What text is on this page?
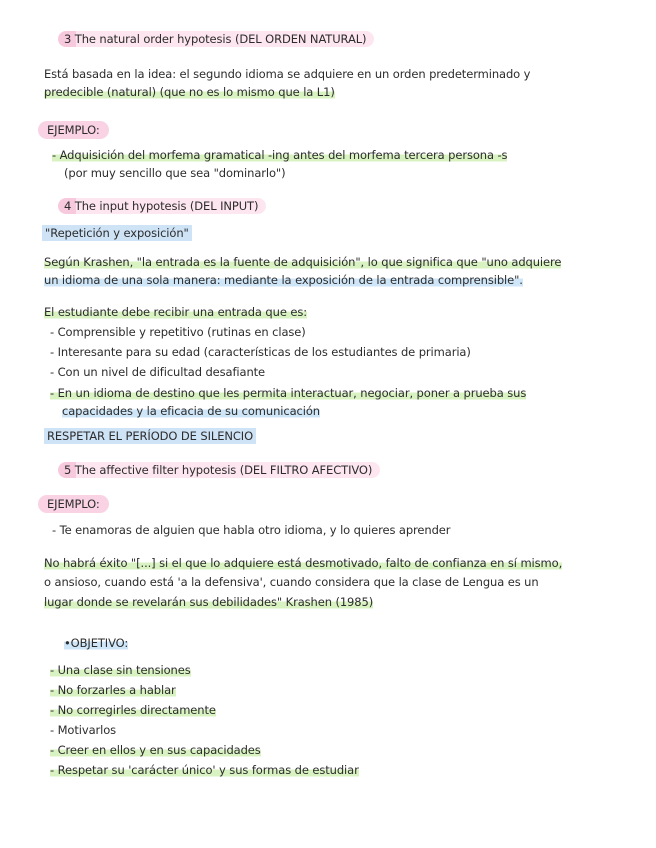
3 The natural order hypotesis (DEL ORDEN NATURAL)
Está basada en la idea: el segundo idioma se adquiere en un orden predeterminado y
predecible (natural) (que no es lo mismo que la L1)
EJEMPLO:
- Adquisición del morfema gramatical -ing antes del morfema tercera persona -s
(por muy sencillo que sea "dominarlo")
4 The input hypotesis (DEL INPUT)
"Repetición y exposición"
Según Krashen, "la entrada es la fuente de adquisición", lo que significa que "uno adquiere
un idioma de una sola manera: mediante la exposición de la entrada comprensible".
El estudiante debe recibir una entrada que es:
- Comprensible y repetitivo (rutinas en clase)
- Interesante para su edad (características de los estudiantes de primaria)
- Con un nivel de dificultad desafiante
- En un idioma de destino que les permita interactuar, negociar, poner a prueba sus
capacidades y la eficacia de su comunicación
RESPETAR EL PERÍODO DE SILENCIO
5 The affective filter hypotesis (DEL FILTRO AFECTIVO)
EJEMPLO:
- Te enamoras de alguien que habla otro idioma, y lo quieres aprender
No habrá éxito "[...] si el que lo adquiere está desmotivado, falto de confianza en sí mismo,
o ansioso, cuando está 'a la defensiva', cuando considera que la clase de Lengua es un
lugar donde se revelarán sus debilidades" Krashen (1985)
•OBJETIVO:
- Una clase sin tensiones
- No forzarles a hablar
- No corregirles directamente
- Motivarlos
- Creer en ellos y en sus capacidades
- Respetar su 'carácter único' y sus formas de estudiar
